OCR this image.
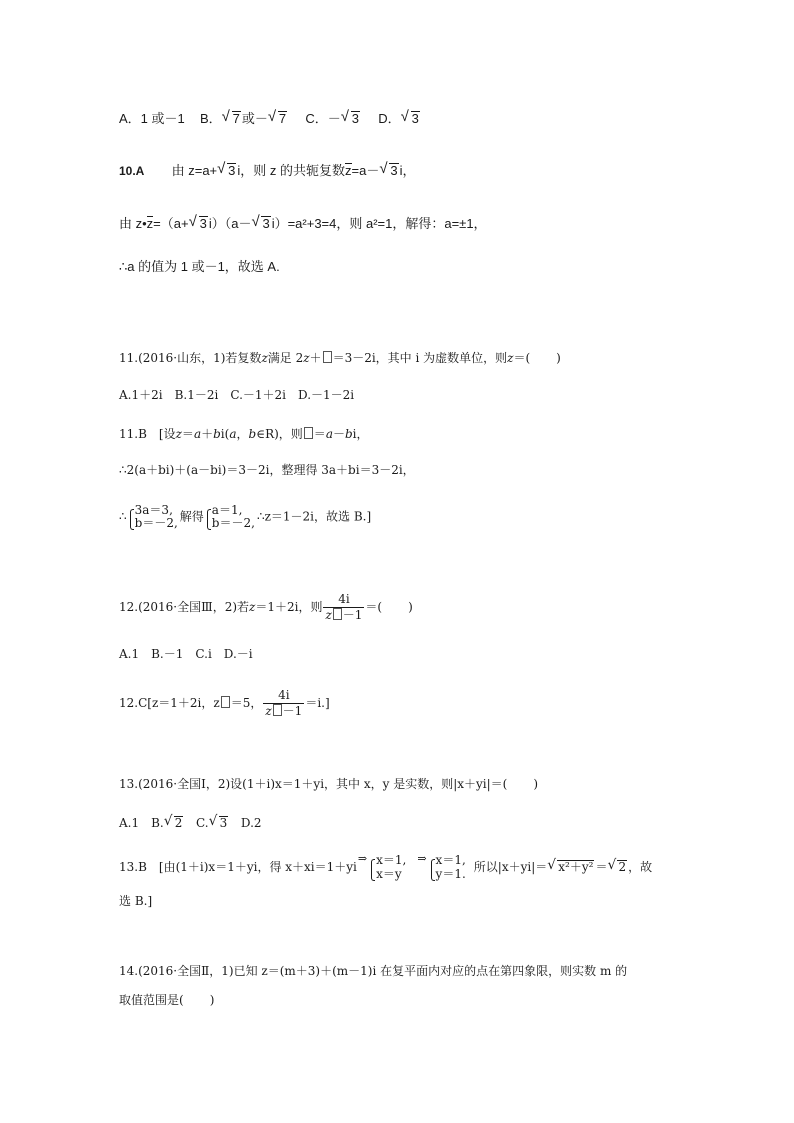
A．1 或－1 B． √ 7 或－ √ 7 C．－ √ 3 D． √ 3
10.A 由 z=a+ √ 3 i，则 z 的共轭复数z=a－ √ 3 i，
由 z•z=（a+ √ 3 i）（a－ √ 3 i）=a²+3=4，则 a²=1，解得：a=±1，
∴a 的值为 1 或－1，故选 A.
11.(2016·山东，1)若复数z满足 2z＋ ＝3－2i，其中 i 为虚数单位，则z＝( )
A.1＋2i　B.1－2i　C.－1＋2i　D.－1－2i
11.B　[设z＝a＋bi(a，b∈R)，则 ＝a－bi，
∴2(a＋bi)＋(a－bi)＝3－2i，整理得 3a＋bi＝3－2i，
∴ 3a＝3,
b＝－2, 解得 a＝1,
b＝－2, ∴z＝1－2i，故选 B.]
12.(2016·全国Ⅲ，2)若z＝1＋2i，则 $\frac{4i}{z -1}$ ＝( )
A.1　B.－1　C.i　D.－i
12.C[z＝1＋2i，z ＝5， $\frac{4i}{z -1} =i$.]
13.(2016·全国Ⅰ，2)设(1＋i)x＝1＋yi，其中 x，y 是实数，则|x＋yi|＝( )
A.1　B. √ 2 C. √ 3 D.2
13.B　[由(1＋i)x＝1＋yi，得 x＋xi＝1＋yi⇒ x＝1,
x＝y
⇒ x＝1,
y＝1. 所以|x＋yi|＝ √ x²＋y² ＝ √ 2 ，故
选 B.]
14.(2016·全国Ⅱ，1)已知 z＝(m＋3)＋(m－1)i 在复平面内对应的点在第四象限，则实数 m 的
取值范围是( )
